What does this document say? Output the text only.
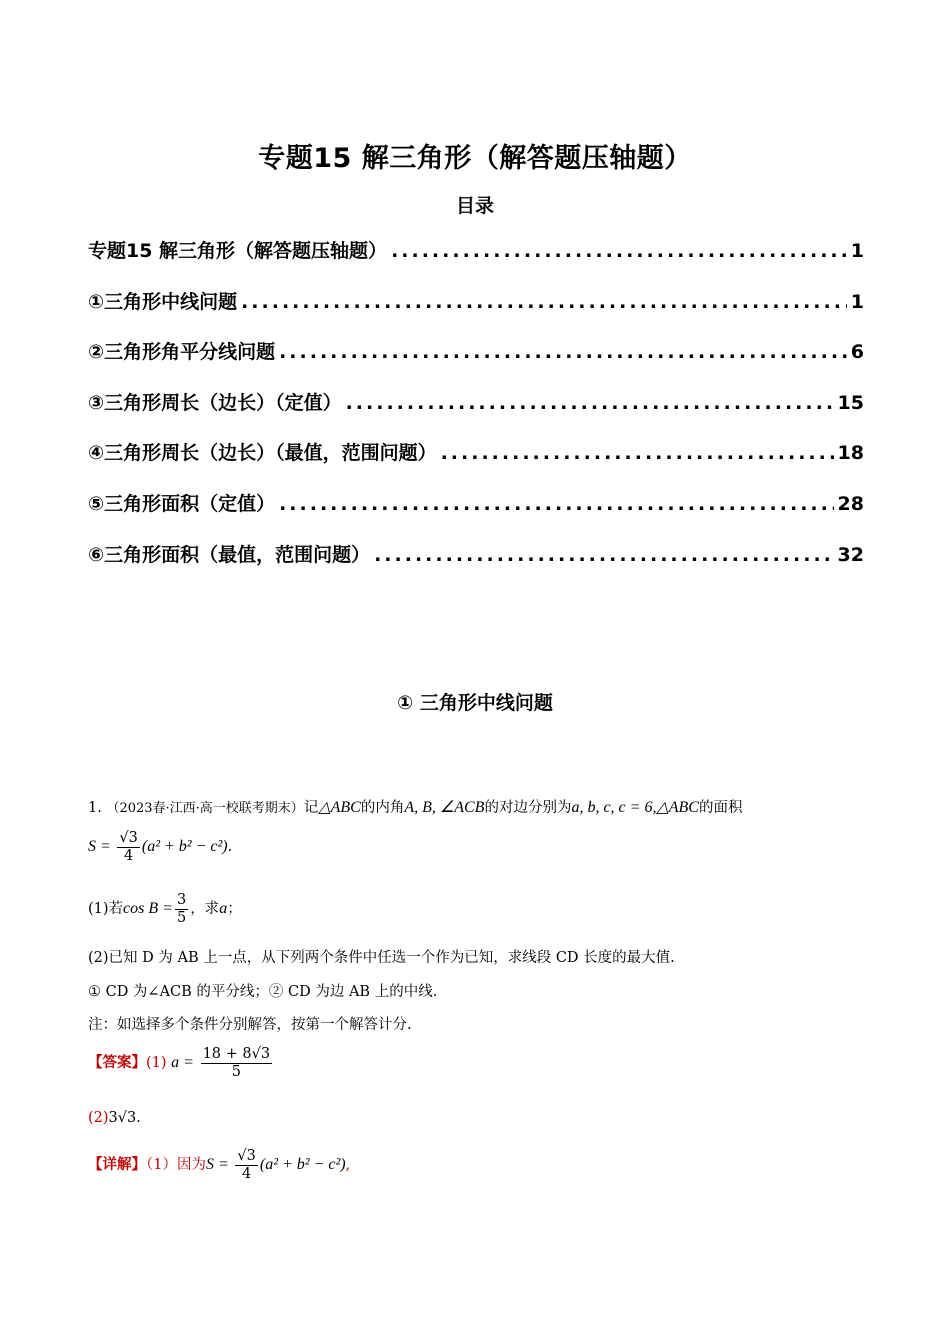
专题15 解三角形（解答题压轴题）
目录
专题15 解三角形（解答题压轴题） .....	1
①三角形中线问题 .....	1
②三角形角平分线问题 .....	6
③三角形周长（边长）（定值） .....	15
④三角形周长（边长）（最值，范围问题） .....	18
⑤三角形面积（定值） .....	28
⑥三角形面积（最值，范围问题） .....	32
① 三角形中线问题
1. （2023春·江西·高一校联考期末）记△ABC的内角A, B, ∠ACB的对边分别为a, b, c, c = 6,△ABC的面积
$S = \frac{√3}{4} (a^2 + b^2 - c^2)$.
(1)若$\cos B = \frac{3}{5}$ ，求a；
(2)已知 D 为 AB 上一点，从下列两个条件中任选一个作为已知，求线段 CD 长度的最大值.
① CD 为∠ACB 的平分线；② CD 为边 AB 上的中线.
注：如选择多个条件分别解答，按第一个解答计分.
【答案】(1) $a = \frac{18 + 8√3}{5}$
(2)3√3.
【详解】（1）因为$S = \frac{√3}{4} (a^2 + b^2 - c^2)$,
